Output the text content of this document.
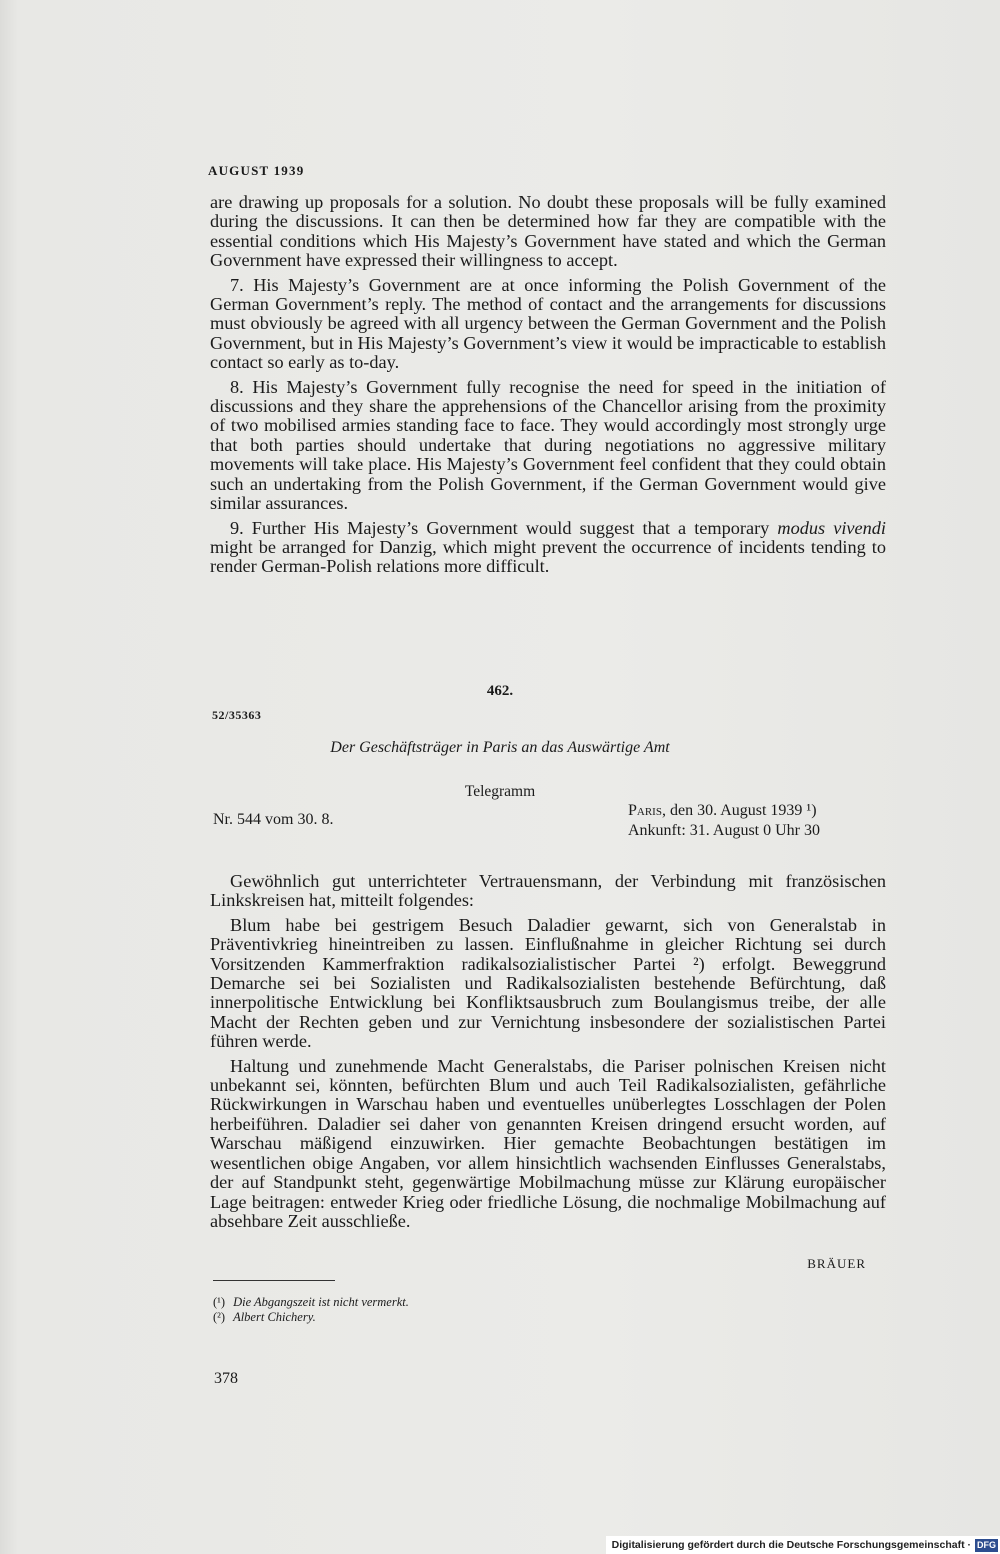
AUGUST 1939

are drawing up proposals for a solution. No doubt these proposals will be fully examined during the discussions. It can then be determined how far they are compatible with the essential conditions which His Majesty’s Government have stated and which the German Government have expressed their willingness to accept.

7. His Majesty’s Government are at once informing the Polish Government of the German Government’s reply. The method of contact and the arrangements for discussions must obviously be agreed with all urgency between the German Government and the Polish Government, but in His Majesty’s Government’s view it would be impracticable to establish contact so early as to-day.

8. His Majesty’s Government fully recognise the need for speed in the initiation of discussions and they share the apprehensions of the Chancellor arising from the proximity of two mobilised armies standing face to face. They would accordingly most strongly urge that both parties should undertake that during negotiations no aggressive military movements will take place. His Majesty’s Government feel confident that they could obtain such an undertaking from the Polish Government, if the German Government would give similar assurances.

9. Further His Majesty’s Government would suggest that a temporary modus vivendi might be arranged for Danzig, which might prevent the occurrence of incidents tending to render German-Polish relations more difficult.

462.
52/35363
Der Geschäftsträger in Paris an das Auswärtige Amt
Telegramm
Nr. 544 vom 30. 8.
Paris, den 30. August 1939 ¹)
Ankunft: 31. August 0 Uhr 30

Gewöhnlich gut unterrichteter Vertrauensmann, der Verbindung mit französischen Linkskreisen hat, mitteilt folgendes:

Blum habe bei gestrigem Besuch Daladier gewarnt, sich von Generalstab in Präventivkrieg hineintreiben zu lassen. Einflußnahme in gleicher Richtung sei durch Vorsitzenden Kammerfraktion radikalsozialistischer Partei ²) erfolgt. Beweggrund Demarche sei bei Sozialisten und Radikalsozialisten bestehende Befürchtung, daß innerpolitische Entwicklung bei Konfliktsausbruch zum Boulangismus treibe, der alle Macht der Rechten geben und zur Vernichtung insbesondere der sozialistischen Partei führen werde.

Haltung und zunehmende Macht Generalstabs, die Pariser polnischen Kreisen nicht unbekannt sei, könnten, befürchten Blum und auch Teil Radikalsozialisten, gefährliche Rückwirkungen in Warschau haben und eventuelles unüberlegtes Losschlagen der Polen herbeiführen. Daladier sei daher von genannten Kreisen dringend ersucht worden, auf Warschau mäßigend einzuwirken. Hier gemachte Beobachtungen bestätigen im wesentlichen obige Angaben, vor allem hinsichtlich wachsenden Einflusses Generalstabs, der auf Standpunkt steht, gegenwärtige Mobilmachung müsse zur Klärung europäischer Lage beitragen: entweder Krieg oder friedliche Lösung, die nochmalige Mobilmachung auf absehbare Zeit ausschließe.

BRÄUER
(¹) Die Abgangszeit ist nicht vermerkt.
(²) Albert Chichery.
378
Digitalisierung gefördert durch die Deutsche Forschungsgemeinschaft · DFG
